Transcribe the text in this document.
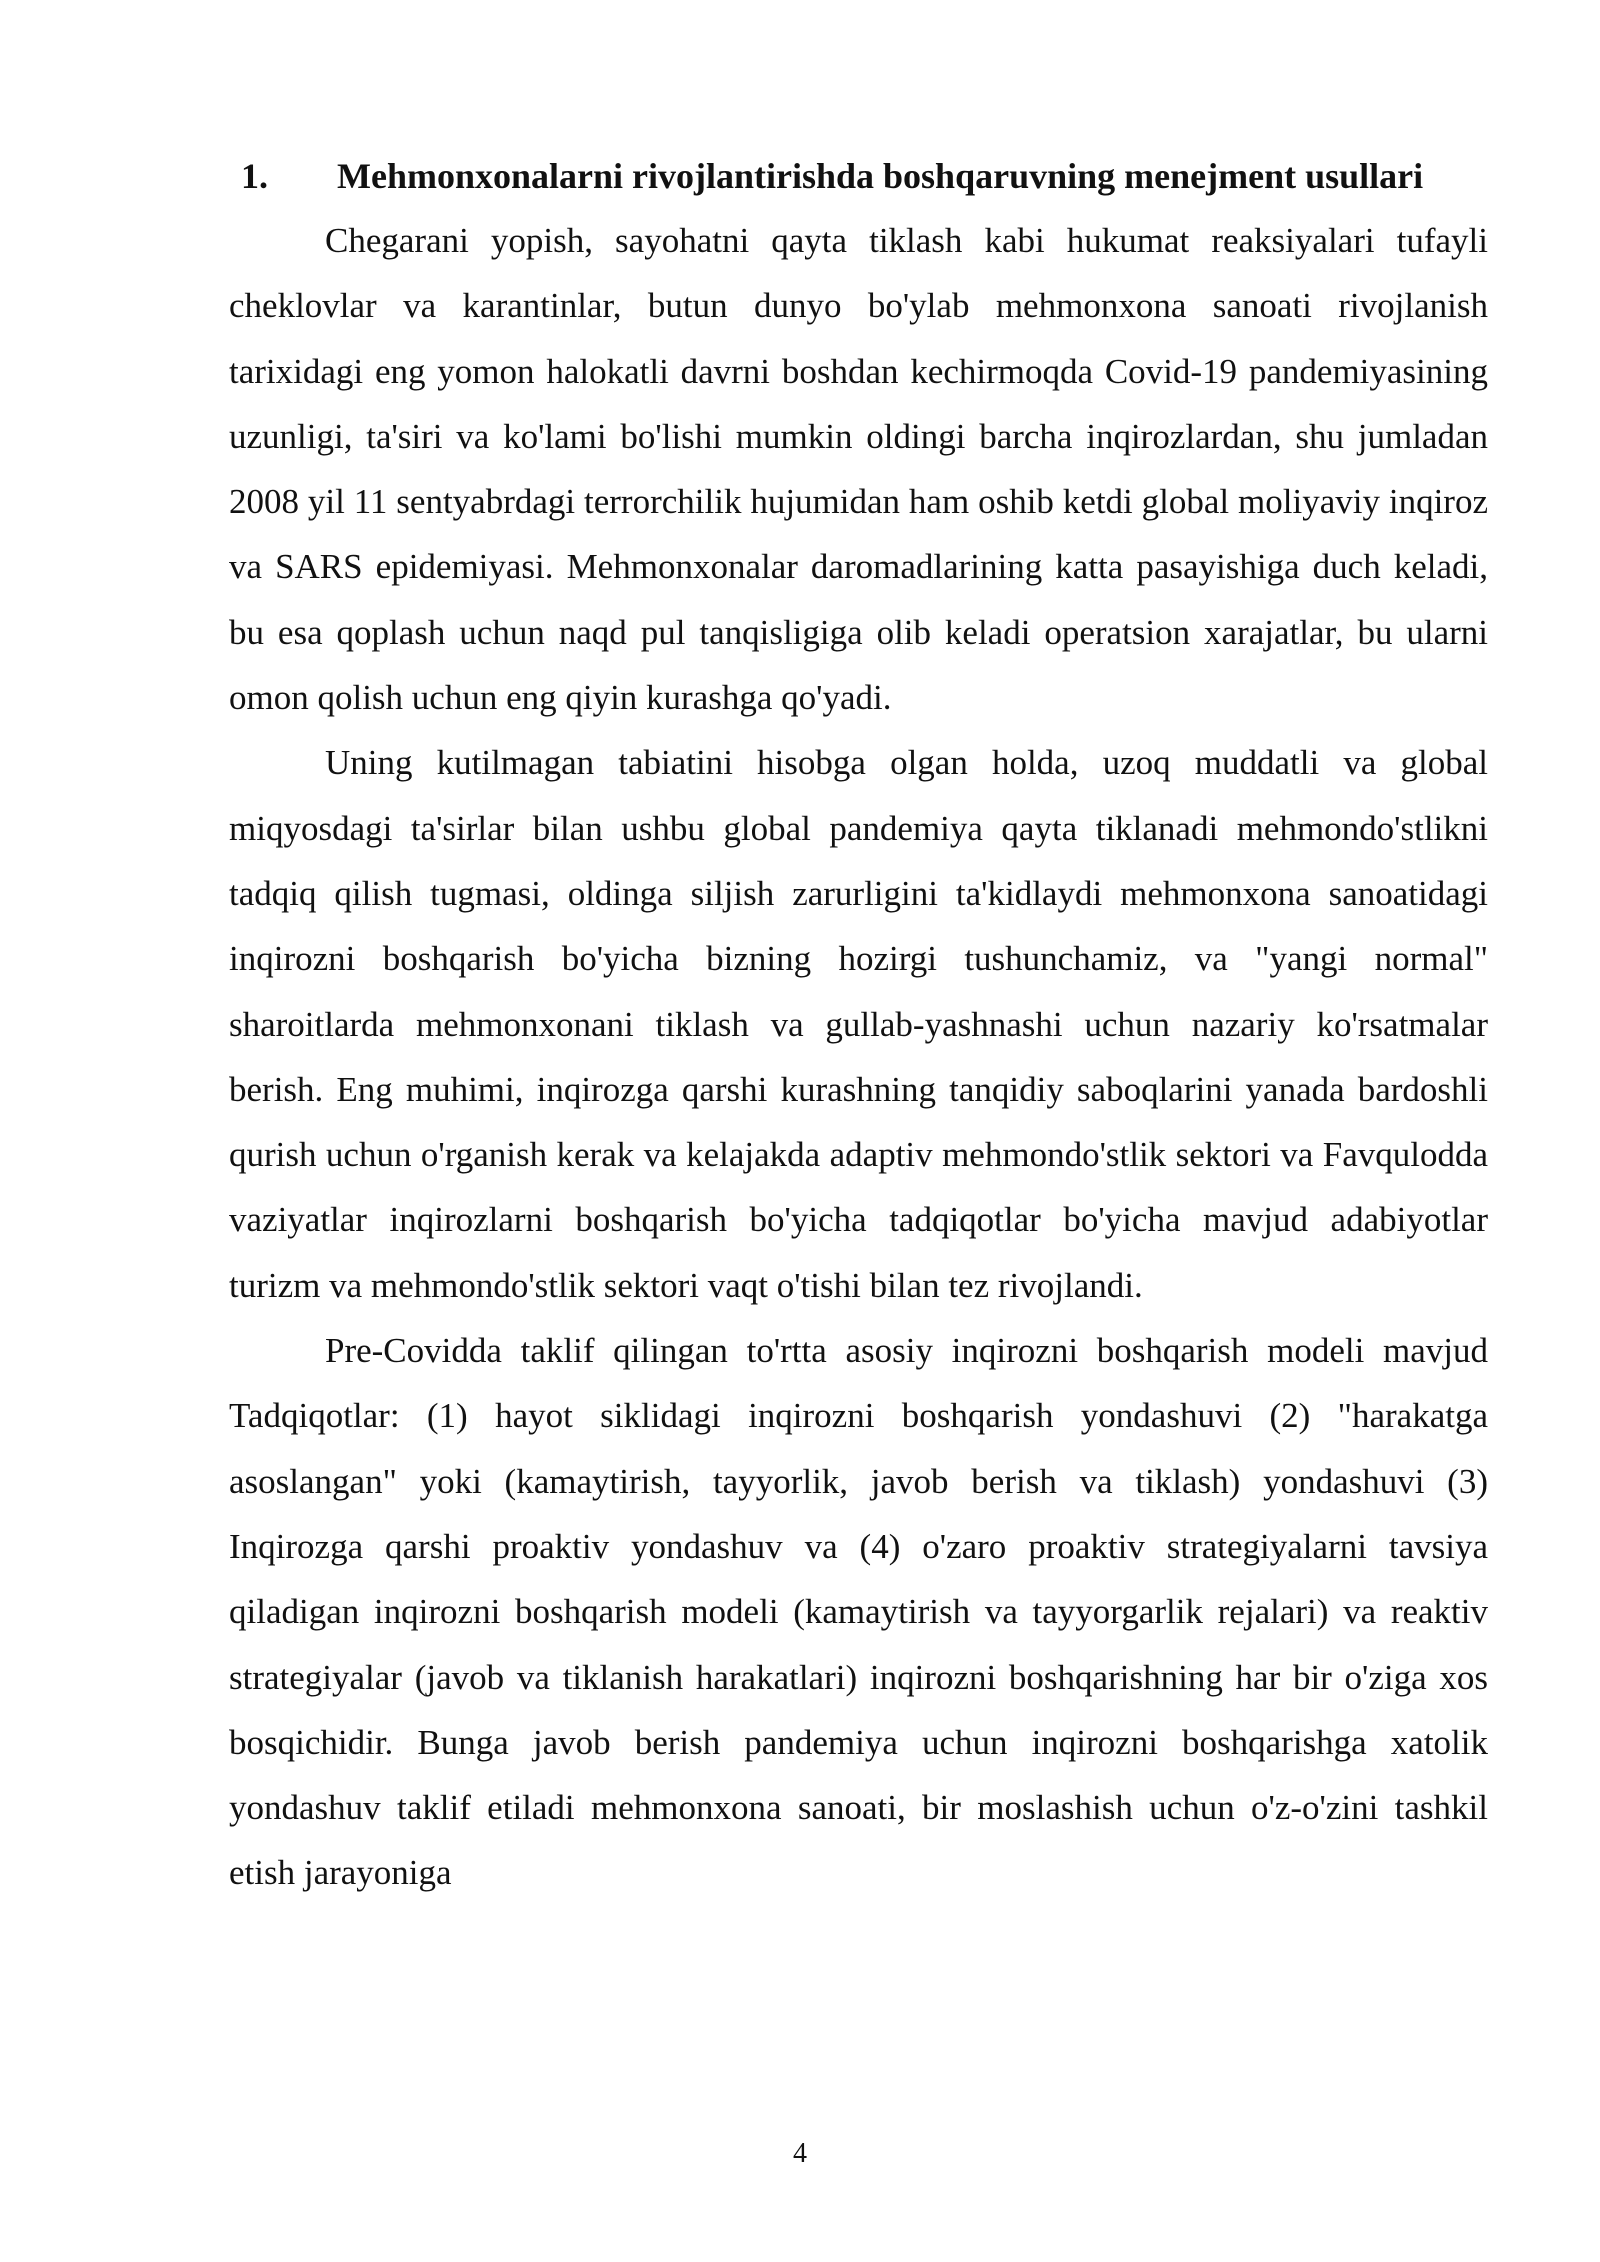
1. Mehmonxonalarni rivojlantirishda boshqaruvning menejment usullari

Chegarani yopish, sayohatni qayta tiklash kabi hukumat reaksiyalari tufayli cheklovlar va karantinlar, butun dunyo bo'ylab mehmonxona sanoati rivojlanish tarixidagi eng yomon halokatli davrni boshdan kechirmoqda Covid-19 pandemiyasining uzunligi, ta'siri va ko'lami bo'lishi mumkin oldingi barcha inqirozlardan, shu jumladan 2008 yil 11 sentyabrdagi terrorchilik hujumidan ham oshib ketdi global moliyaviy inqiroz va SARS epidemiyasi. Mehmonxonalar daromadlarining katta pasayishiga duch keladi, bu esa qoplash uchun naqd pul tanqisligiga olib keladi operatsion xarajatlar, bu ularni omon qolish uchun eng qiyin kurashga qo'yadi.

Uning kutilmagan tabiatini hisobga olgan holda, uzoq muddatli va global miqyosdagi ta'sirlar bilan ushbu global pandemiya qayta tiklanadi mehmondo'stlikni tadqiq qilish tugmasi, oldinga siljish zarurligini ta'kidlaydi mehmonxona sanoatidagi inqirozni boshqarish bo'yicha bizning hozirgi tushunchamiz, va "yangi normal" sharoitlarda mehmonxonani tiklash va gullab-yashnashi uchun nazariy ko'rsatmalar berish. Eng muhimi, inqirozga qarshi kurashning tanqidiy saboqlarini yanada bardoshli qurish uchun o'rganish kerak va kelajakda adaptiv mehmondo'stlik sektori va Favqulodda vaziyatlar inqirozlarni boshqarish bo'yicha tadqiqotlar bo'yicha mavjud adabiyotlar turizm va mehmondo'stlik sektori vaqt o'tishi bilan tez rivojlandi.

Pre-Covidda taklif qilingan to'rtta asosiy inqirozni boshqarish modeli mavjud Tadqiqotlar: (1) hayot siklidagi inqirozni boshqarish yondashuvi (2) "harakatga asoslangan" yoki (kamaytirish, tayyorlik, javob berish va tiklash) yondashuvi (3) Inqirozga qarshi proaktiv yondashuv va (4) o'zaro proaktiv strategiyalarni tavsiya qiladigan inqirozni boshqarish modeli (kamaytirish va tayyorgarlik rejalari) va reaktiv strategiyalar (javob va tiklanish harakatlari) inqirozni boshqarishning har bir o'ziga xos bosqichidir. Bunga javob berish pandemiya uchun inqirozni boshqarishga xatolik yondashuv taklif etiladi mehmonxona sanoati, bir moslashish uchun o'z-o'zini tashkil etish jarayoniga

4
